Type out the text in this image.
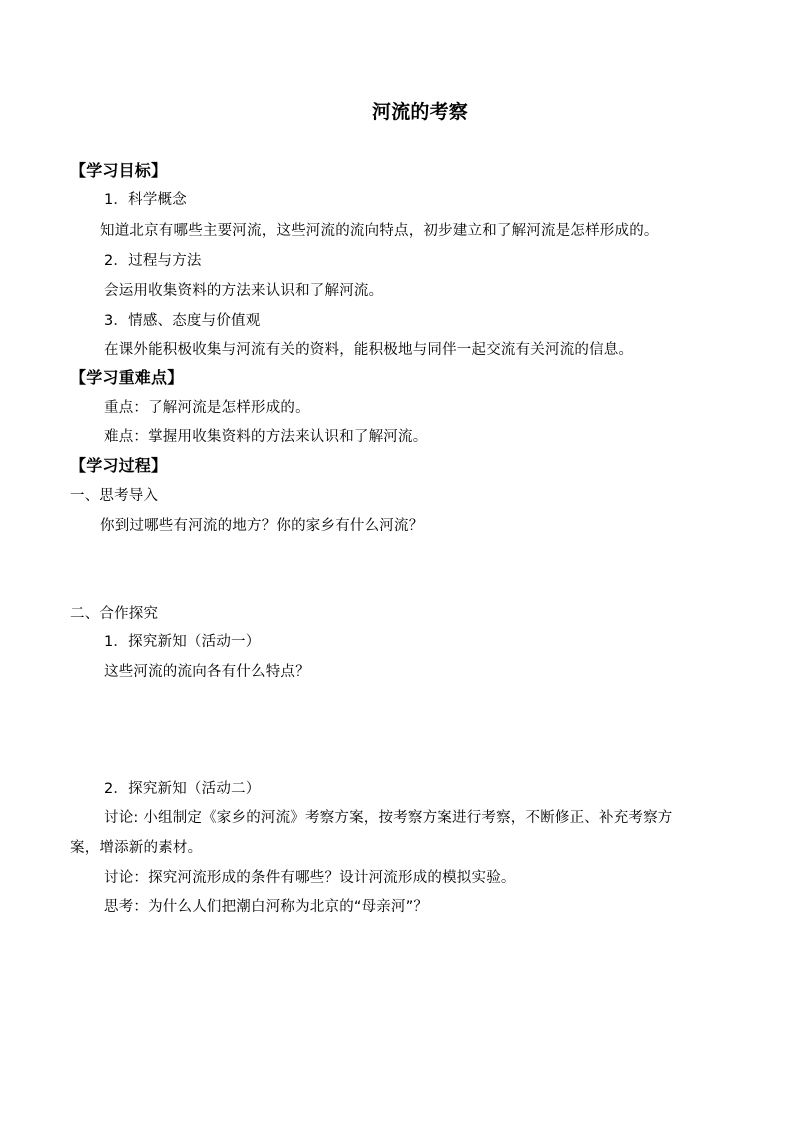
河流的考察
【学习目标】
1．科学概念
知道北京有哪些主要河流，这些河流的流向特点，初步建立和了解河流是怎样形成的。
2．过程与方法
会运用收集资料的方法来认识和了解河流。
3．情感、态度与价值观
在课外能积极收集与河流有关的资料，能积极地与同伴一起交流有关河流的信息。
【学习重难点】
重点：了解河流是怎样形成的。
难点：掌握用收集资料的方法来认识和了解河流。
【学习过程】
一、思考导入
你到过哪些有河流的地方？你的家乡有什么河流？
二、合作探究
1．探究新知（活动一）
这些河流的流向各有什么特点？
2．探究新知（活动二）
讨论: 小组制定《家乡的河流》考察方案，按考察方案进行考察，不断修正、补充考察方
案，增添新的素材。
讨论：探究河流形成的条件有哪些？设计河流形成的模拟实验。
思考：为什么人们把潮白河称为北京的“母亲河”？
